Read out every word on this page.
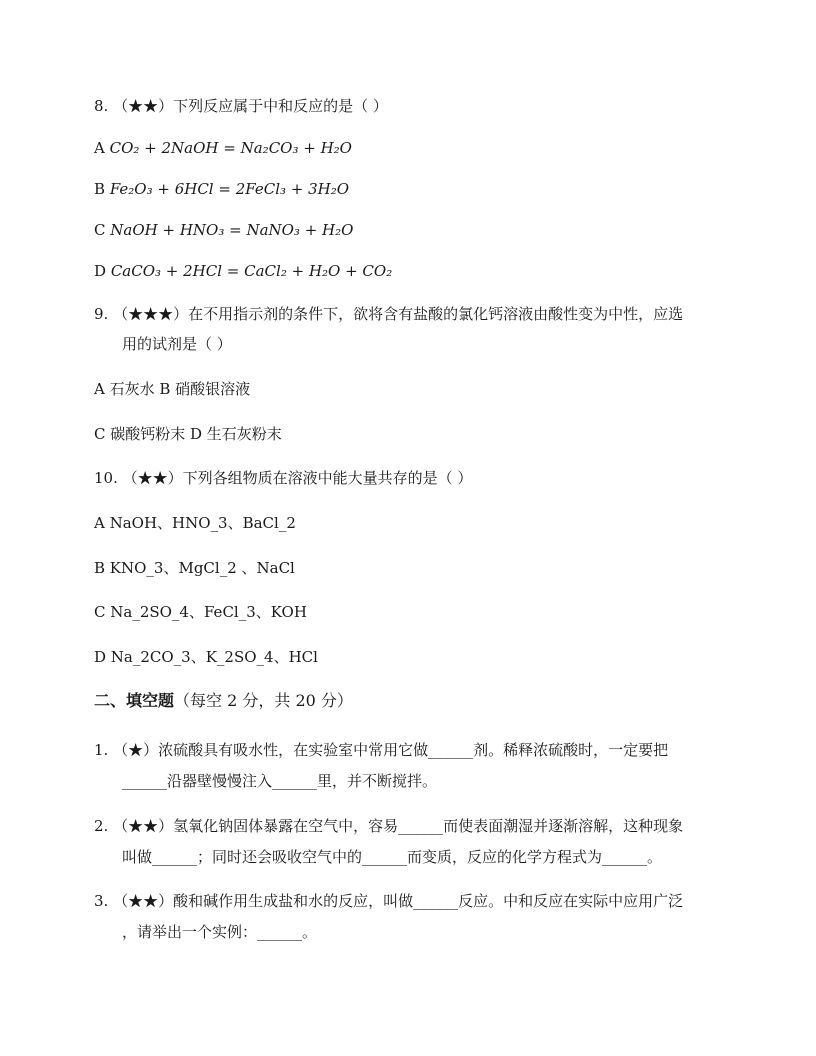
8. （★★）下列反应属于中和反应的是（ ）
A CO₂ + 2NaOH = Na₂CO₃ + H₂O
B Fe₂O₃ + 6HCl = 2FeCl₃ + 3H₂O
C NaOH + HNO₃ = NaNO₃ + H₂O
D CaCO₃ + 2HCl = CaCl₂ + H₂O + CO₂
9. （★★★）在不用指示剂的条件下，欲将含有盐酸的氯化钙溶液由酸性变为中性，应选
用的试剂是（ ）
A 石灰水 B 硝酸银溶液
C 碳酸钙粉末 D 生石灰粉末
10. （★★）下列各组物质在溶液中能大量共存的是（ ）
A NaOH、HNO_3、BaCl_2
B KNO_3、MgCl_2 、NaCl
C Na_2SO_4、FeCl_3、KOH
D Na_2CO_3、K_2SO_4、HCl
二、填空题（每空 2 分，共 20 分）
1. （★）浓硫酸具有吸水性，在实验室中常用它做______剂。稀释浓硫酸时，一定要把
______沿器壁慢慢注入______里，并不断搅拌。
2. （★★）氢氧化钠固体暴露在空气中，容易______而使表面潮湿并逐渐溶解，这种现象
叫做______；同时还会吸收空气中的______而变质，反应的化学方程式为______。
3. （★★）酸和碱作用生成盐和水的反应，叫做______反应。中和反应在实际中应用广泛
，请举出一个实例：______。
